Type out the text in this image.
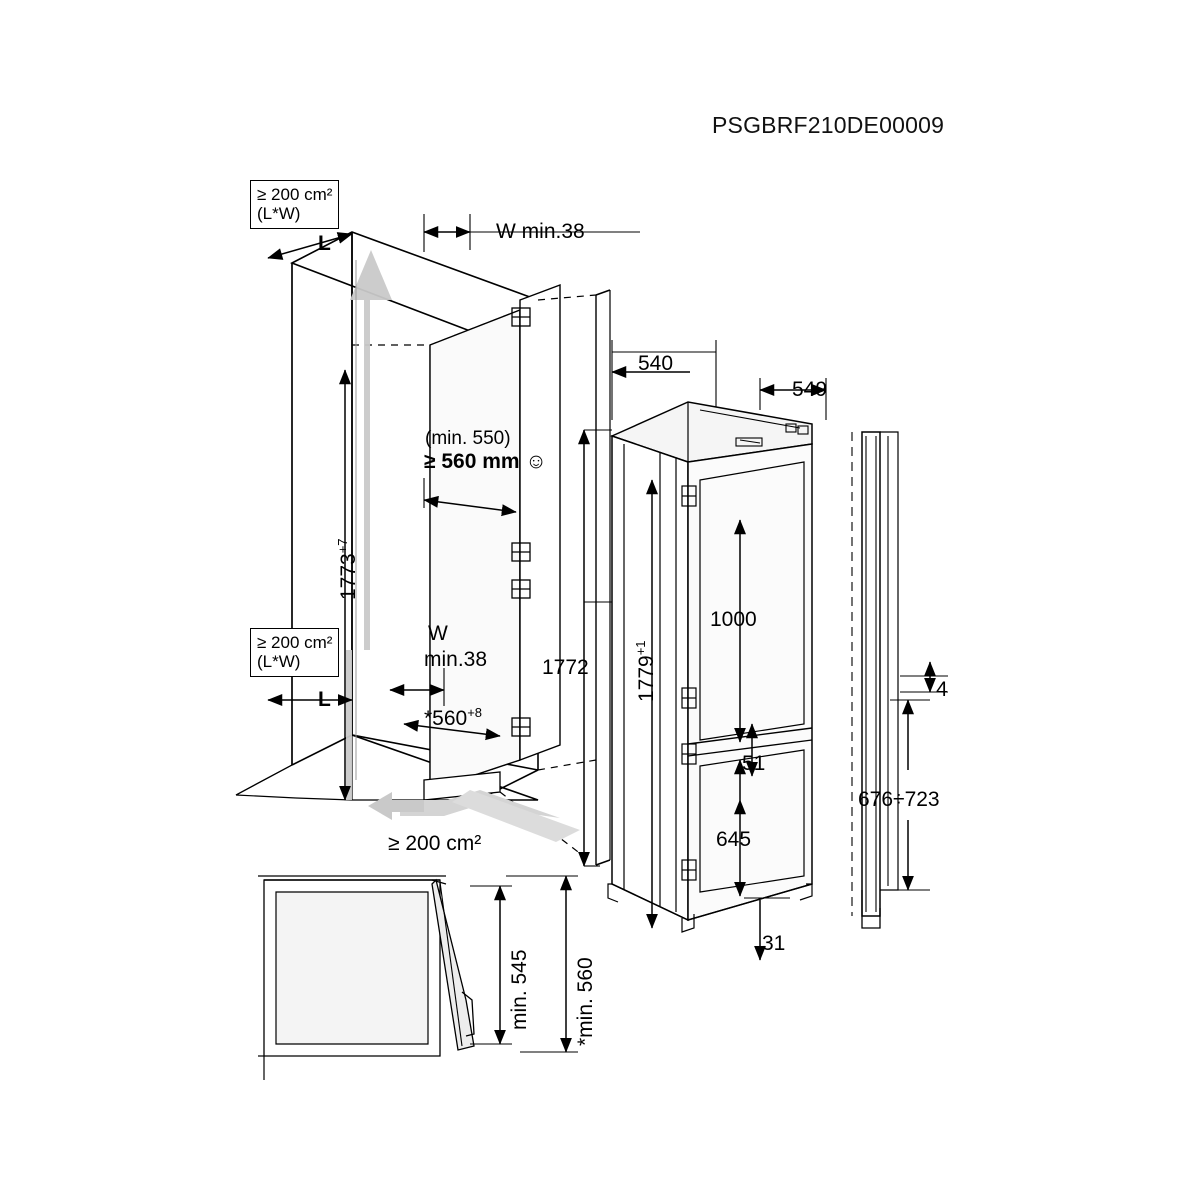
PSGBRF210DE00009
≥ 200 cm²
(L*W)
≥ 200 cm²
(L*W)
L
L
W min.38
W
min.38
$1773^{+7}$
(min. 550)
≥ 560 mm ☺
$*560^{+8}$
540
549
1772 $1779^{+1}$
1000
51
645
31
4
676÷723
≥ 200 cm²
min. 545 *min. 560
